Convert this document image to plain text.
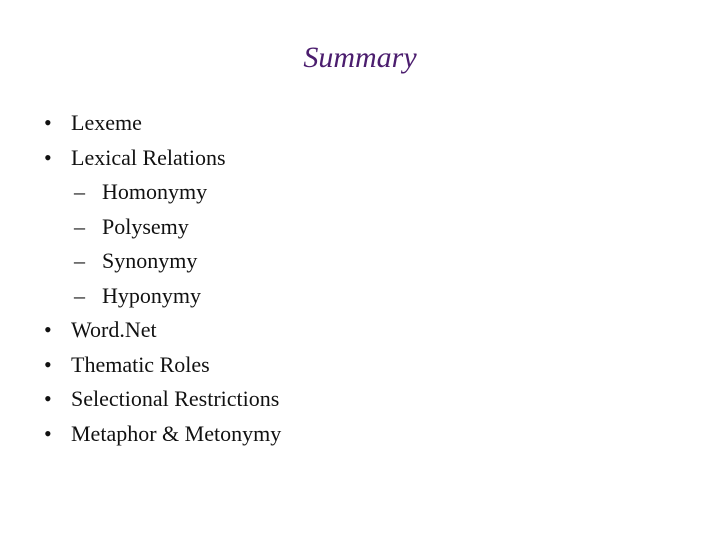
Summary
• Lexeme
• Lexical Relations
– Homonymy
– Polysemy
– Synonymy
– Hyponymy
• Word.Net
• Thematic Roles
• Selectional Restrictions
• Metaphor & Metonymy
